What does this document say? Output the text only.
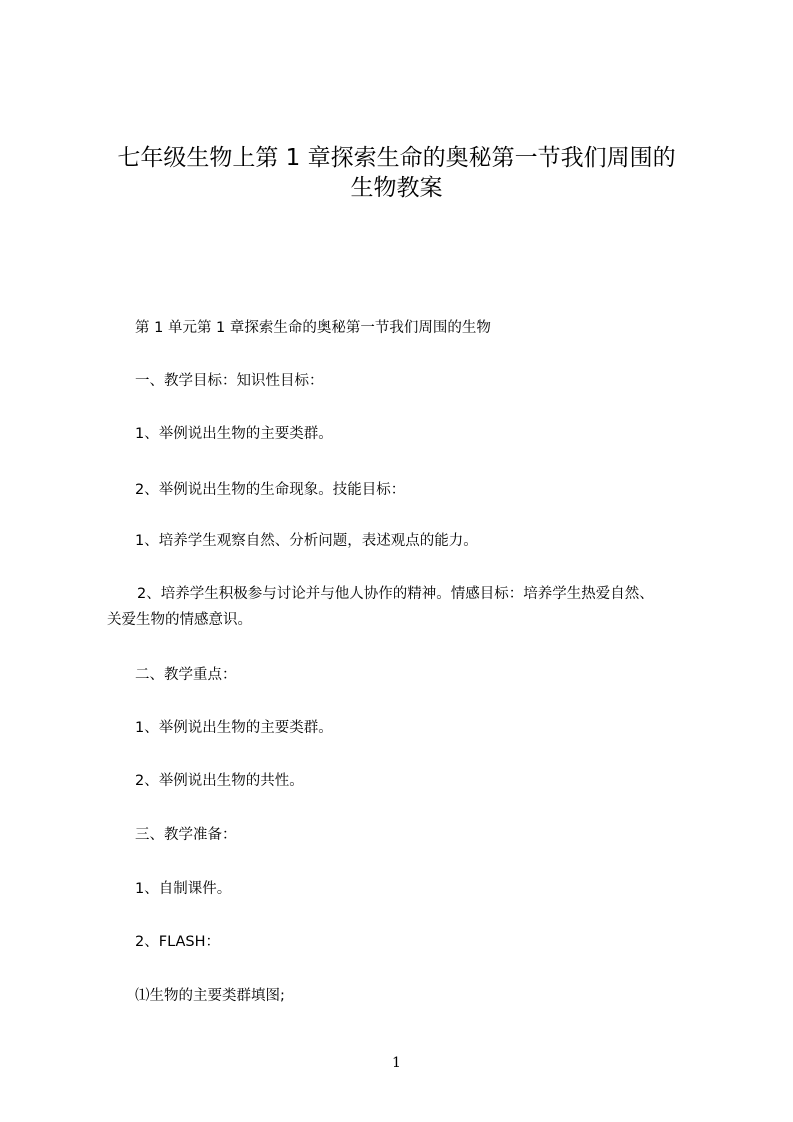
七年级生物上第 1 章探索生命的奥秘第一节我们周围的
生物教案
第 1 单元第 1 章探索生命的奥秘第一节我们周围的生物
一、教学目标：知识性目标：
1、举例说出生物的主要类群。
2、举例说出生物的生命现象。技能目标：
1、培养学生观察自然、分析问题，表述观点的能力。
2、培养学生积极参与讨论并与他人协作的精神。情感目标：培养学生热爱自然、
关爱生物的情感意识。
二、教学重点：
1、举例说出生物的主要类群。
2、举例说出生物的共性。
三、教学准备：
1、自制课件。
2、FLASH：
⑴生物的主要类群填图;
1
